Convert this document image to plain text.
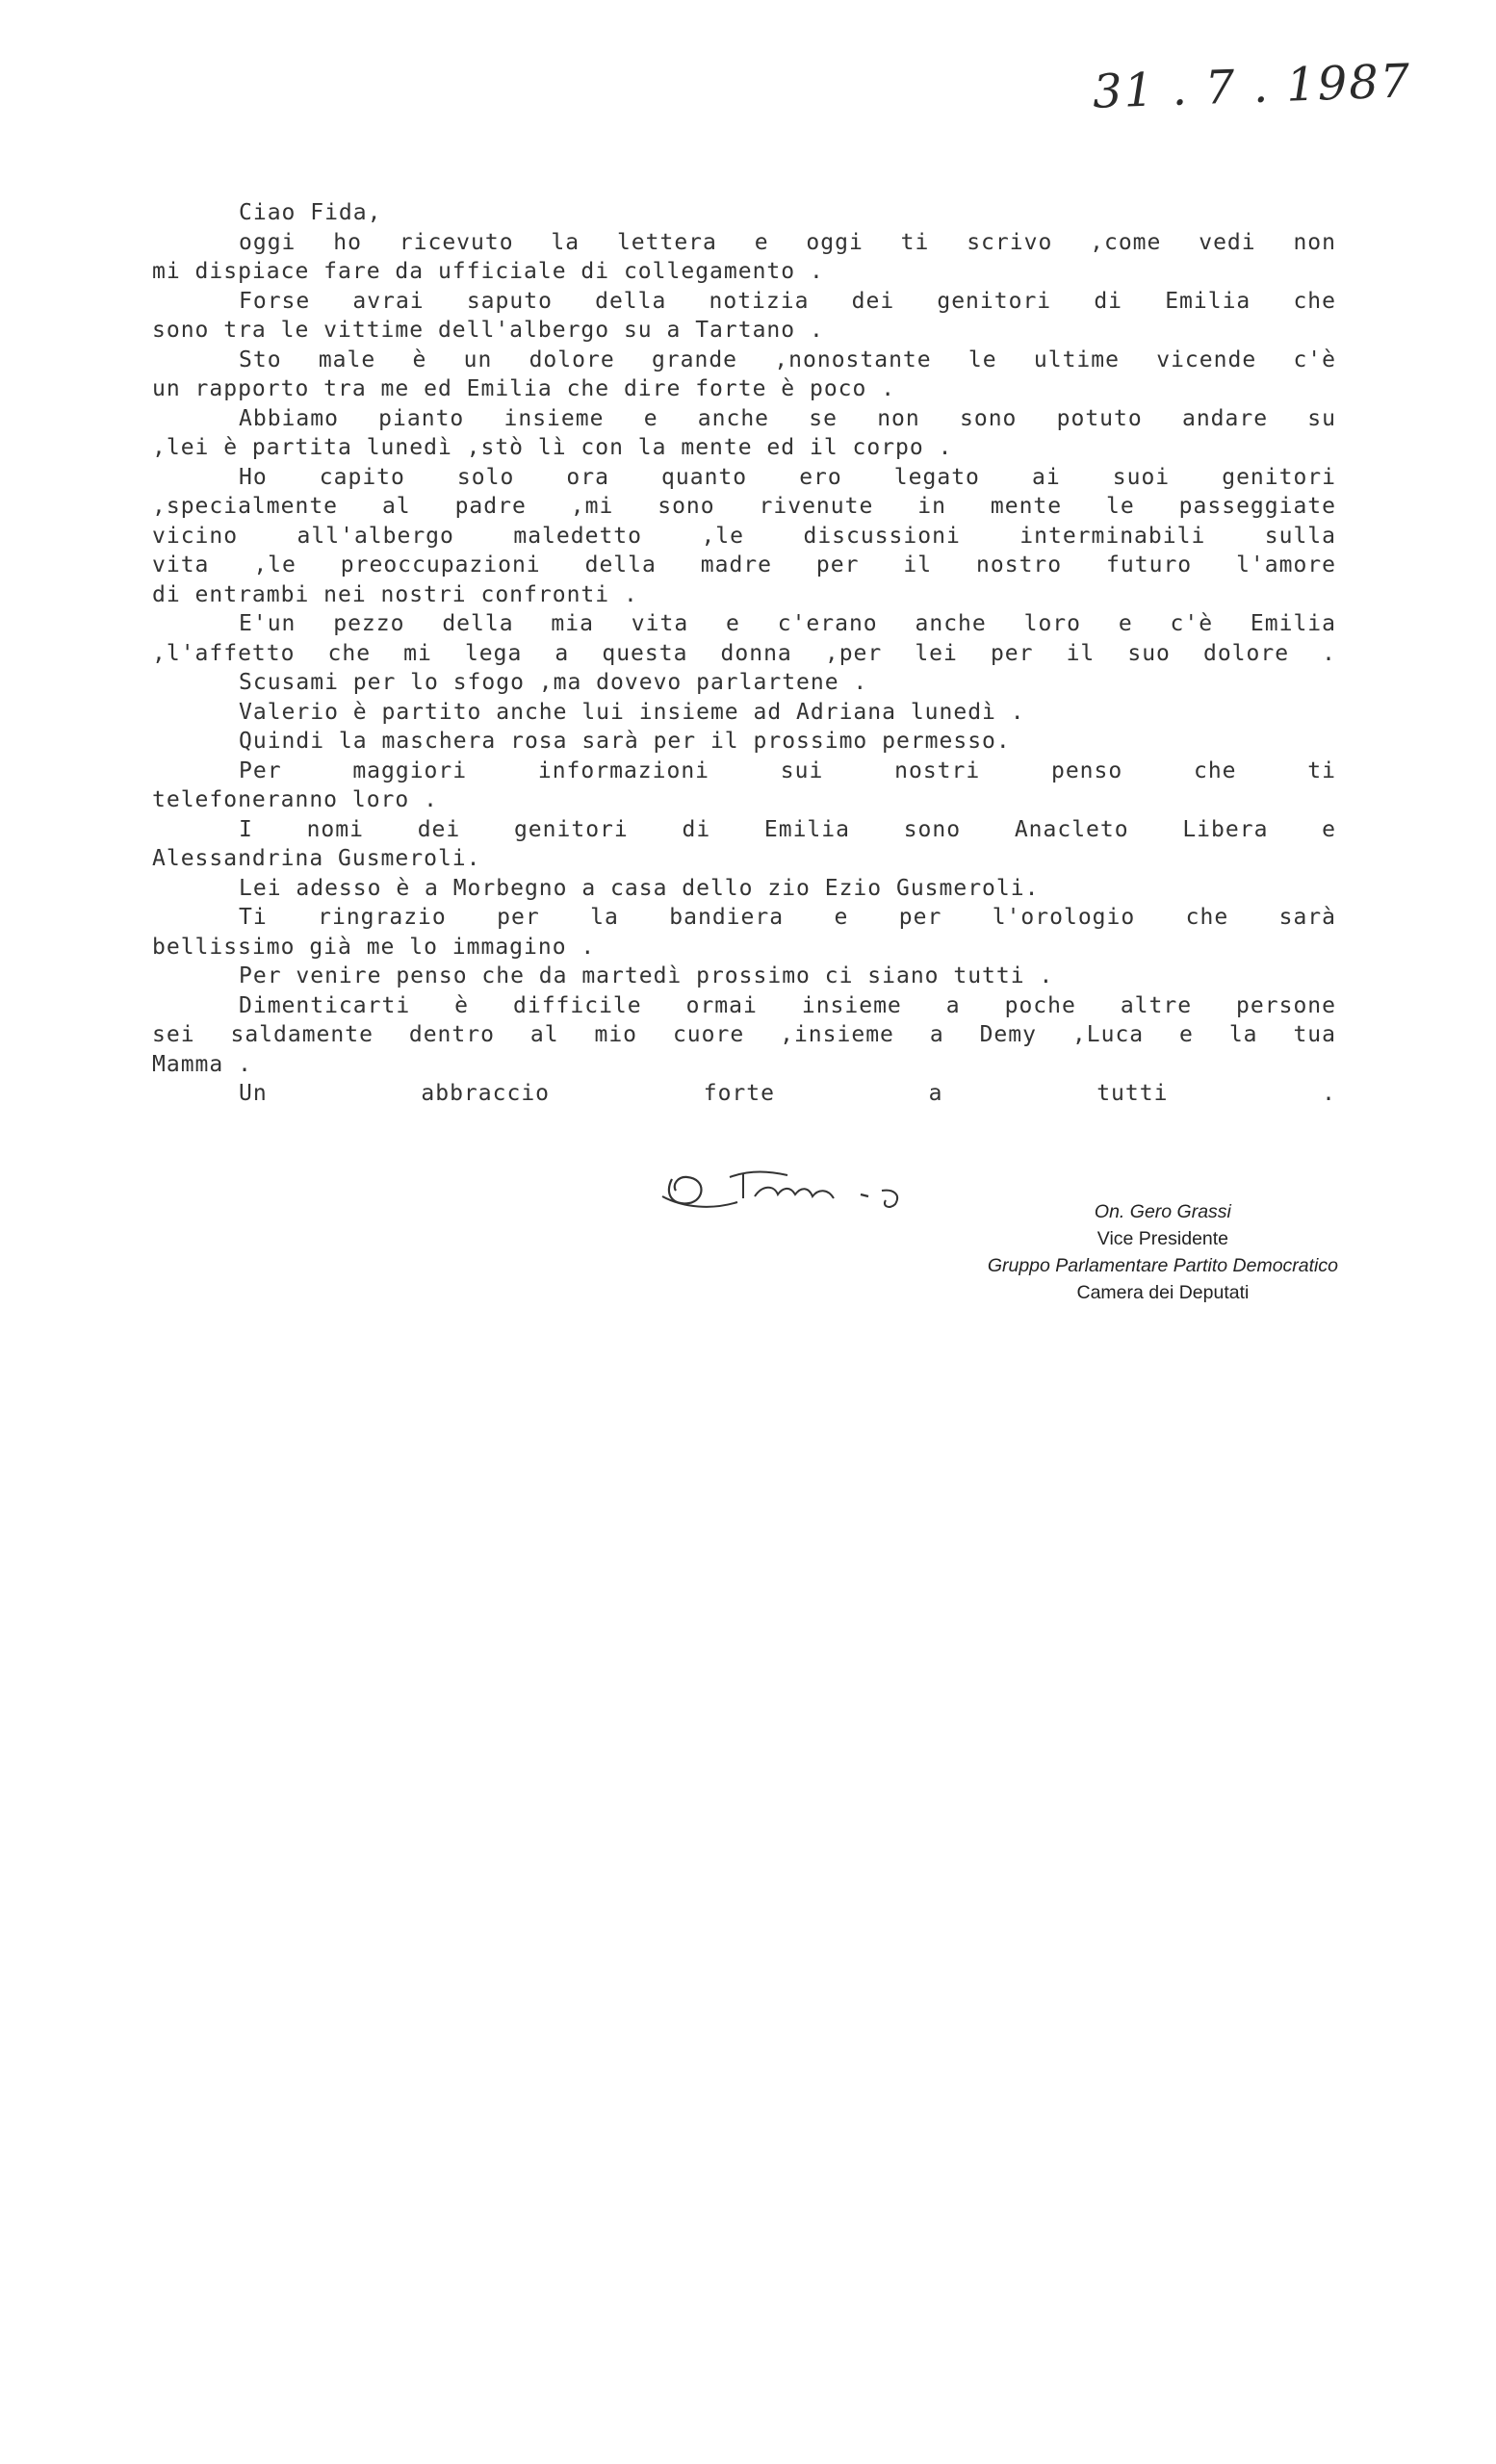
31 . 7 . 1987
Ciao Fida,
oggi ho ricevuto la lettera e oggi ti scrivo ,come vedi non
mi dispiace fare da ufficiale di collegamento .
Forse avrai saputo della notizia dei genitori di Emilia che
sono tra le vittime dell'albergo su a Tartano .
Sto male è un dolore grande ,nonostante le ultime vicende c'è
un rapporto tra me ed Emilia che dire forte è poco .
Abbiamo pianto insieme e anche se non sono potuto andare su
,lei è partita lunedì ,stò lì con la mente ed il corpo .
Ho capito solo ora quanto ero legato ai suoi genitori
,specialmente al padre ,mi sono rivenute in mente le passeggiate
vicino all'albergo maledetto ,le discussioni interminabili sulla
vita ,le preoccupazioni della madre per il nostro futuro l'amore
di entrambi nei nostri confronti .
E'un pezzo della mia vita e c'erano anche loro e c'è Emilia
,l'affetto che mi lega a questa donna ,per lei per il suo dolore .
Scusami per lo sfogo ,ma dovevo parlartene .
Valerio è partito anche lui insieme ad Adriana lunedì .
Quindi la maschera rosa sarà per il prossimo permesso.
Per maggiori informazioni sui nostri penso che ti
telefoneranno loro .
I nomi dei genitori di Emilia sono Anacleto Libera e
Alessandrina Gusmeroli.
Lei adesso è a Morbegno a casa dello zio Ezio Gusmeroli.
Ti ringrazio per la bandiera e per l'orologio che sarà
bellissimo già me lo immagino .
Per venire penso che da martedì prossimo ci siano tutti .
Dimenticarti è difficile ormai insieme a poche altre persone
sei saldamente dentro al mio cuore ,insieme a Demy ,Luca e la tua
Mamma .
Un abbraccio forte a tutti .
On. Gero Grassi
Vice Presidente
Gruppo Parlamentare Partito Democratico
Camera dei Deputati
